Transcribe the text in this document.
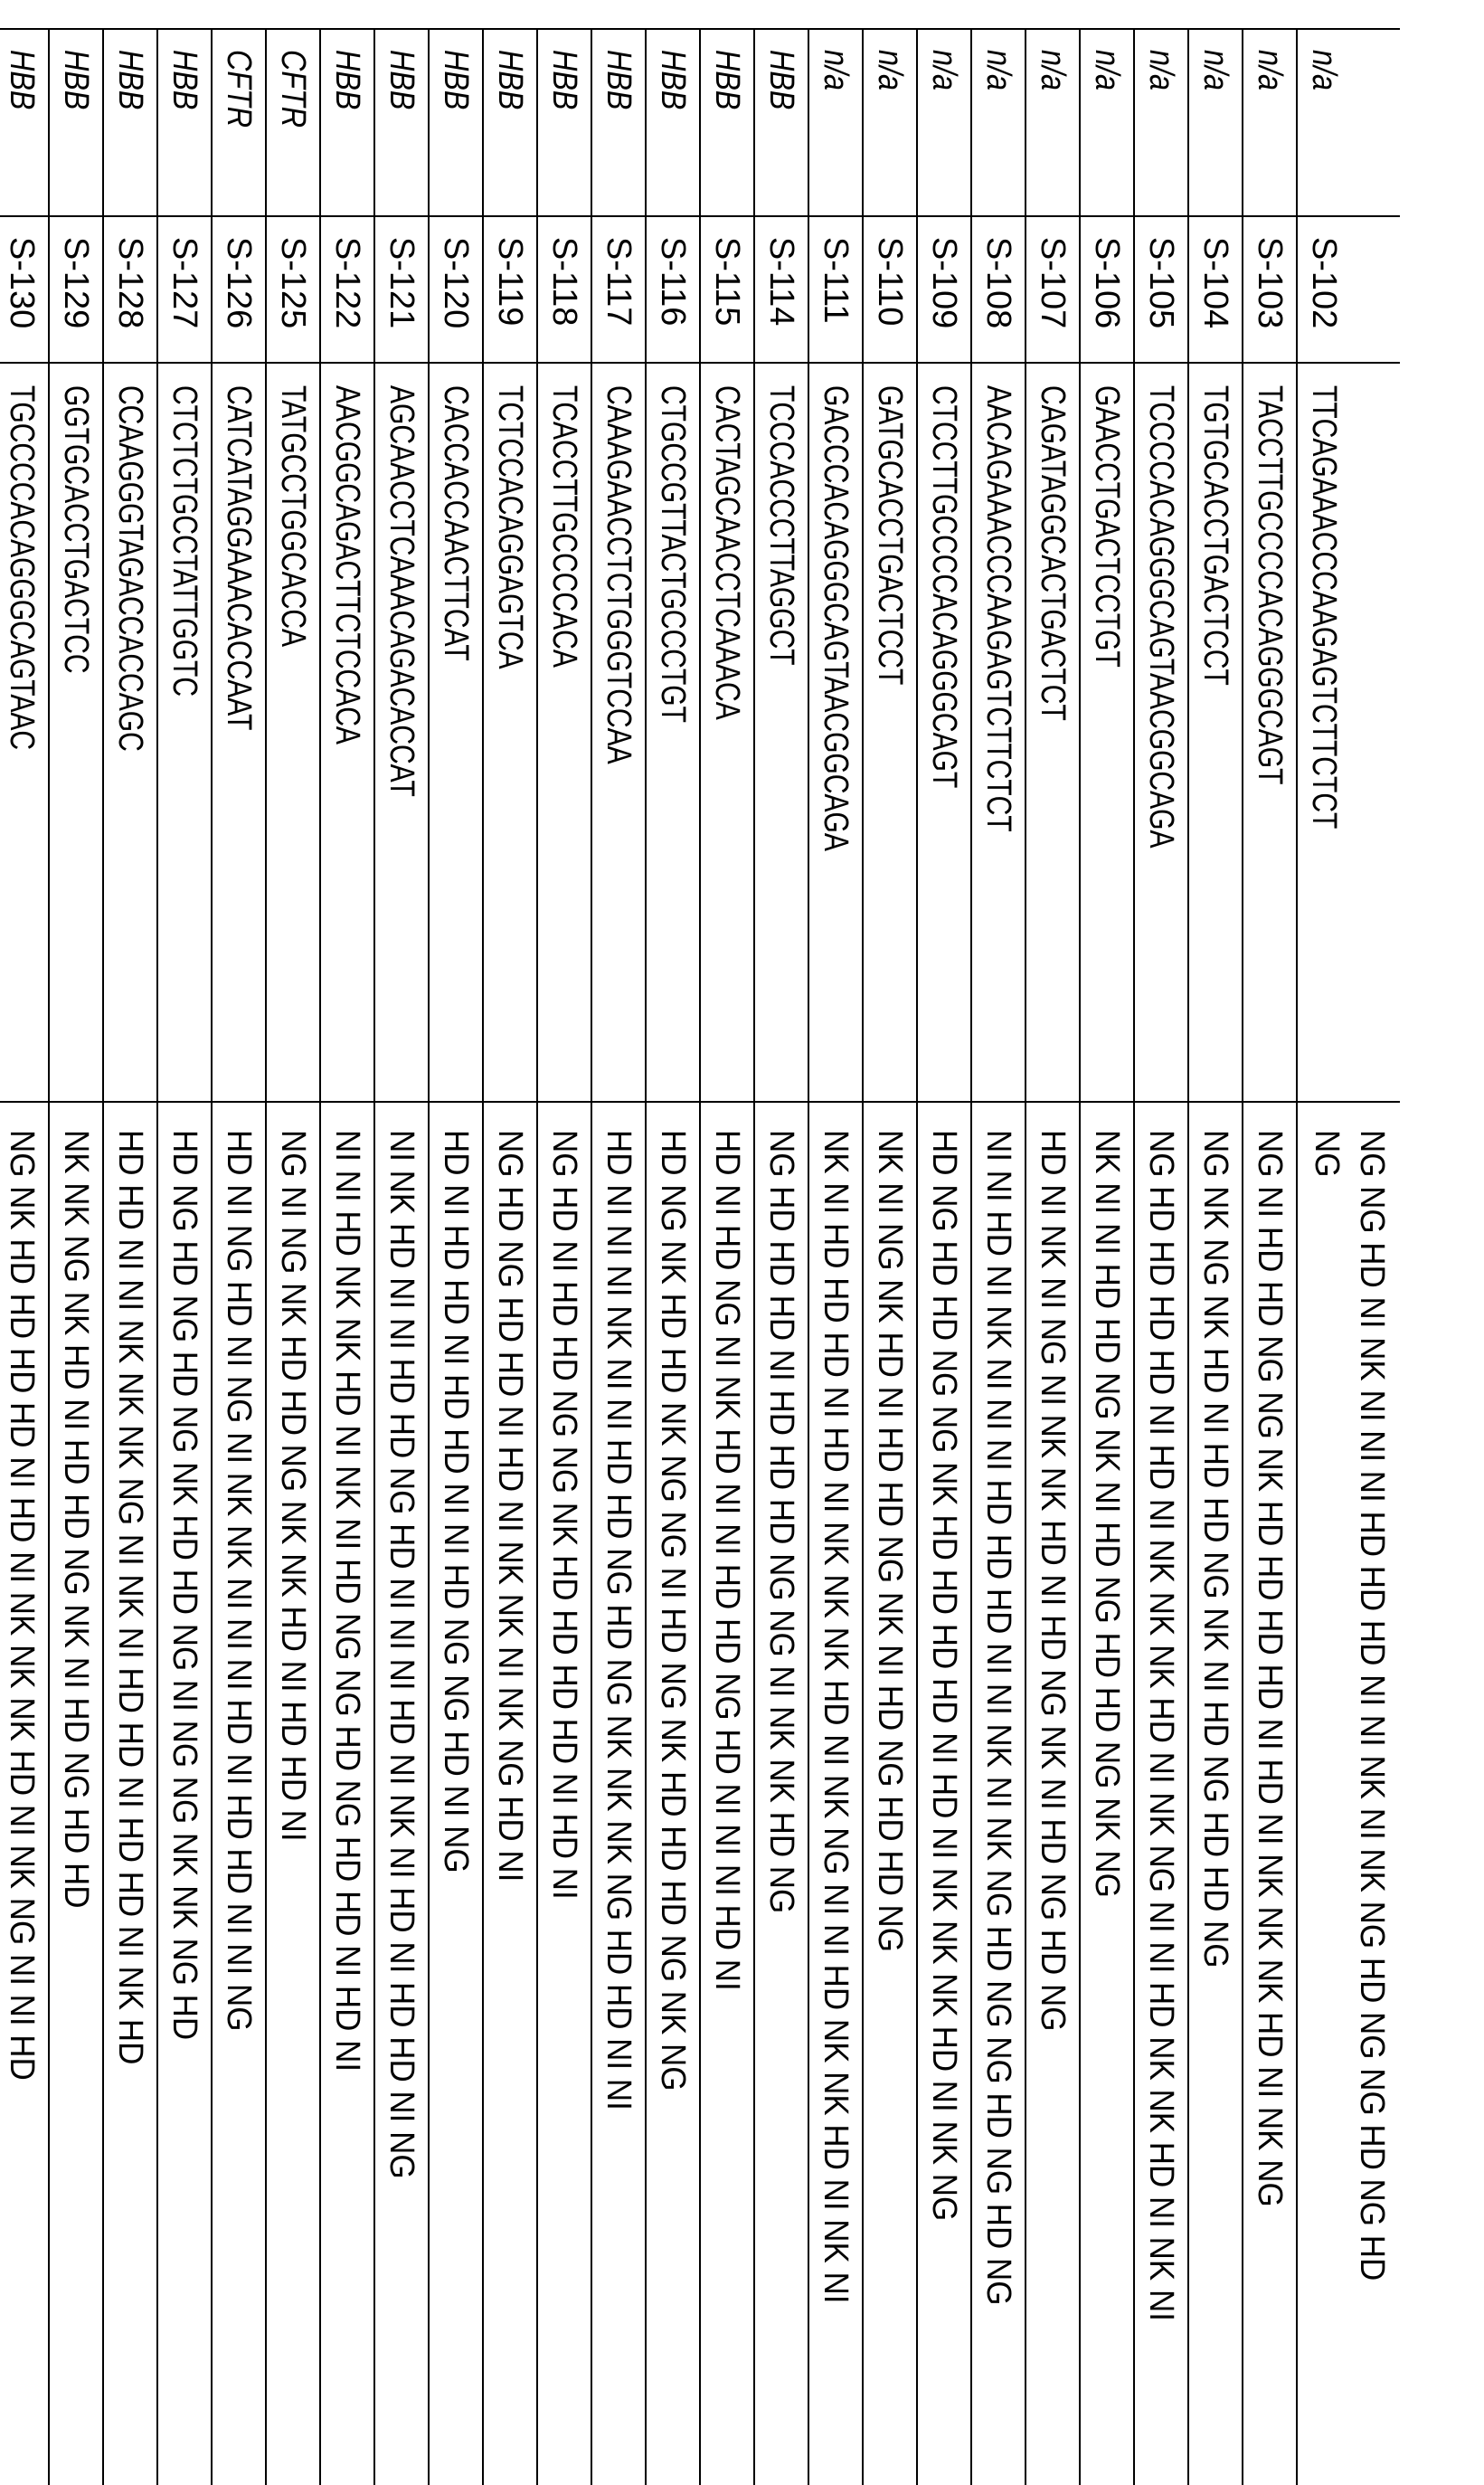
n/a
S-102
TTCAGAAACCCAAGAGTCTTCTCT
NG NG HD NI NK NI NI NI HD HD HD NI NI NK NI NK NG HD NG NG HD NG HD NG
n/a
S-103
TACCTTGCCCCACAGGGCAGT
NG NI HD HD NG NG NK HD HD HD HD NI HD NI NK NK NK HD NI NK NG
n/a
S-104
TGTGCACCTGACTCCT
NG NK NG NK HD NI HD HD NG NK NI HD NG HD HD NG
n/a
S-105
TCCCCACAGGGCAGTAACGGCAGA
NG HD HD HD HD NI HD NI NK NK NK HD NI NK NG NI NI HD NK NK HD NI NK NI
n/a
S-106
GAACCTGACTCCTGT
NK NI NI HD HD NG NK NI HD NG HD HD NG NK NG
n/a
S-107
CAGATAGGCACTGACTCT
HD NI NK NI NG NI NK NK HD NI HD NG NK NI HD NG HD NG
n/a
S-108
AACAGAAACCCAAGAGTCTTCTCT
NI NI HD NI NK NI NI NI HD HD HD NI NI NK NI NK NG HD NG NG HD NG HD NG
n/a
S-109
CTCCTTGCCCCACAGGGCAGT
HD NG HD HD NG NG NK HD HD HD HD NI HD NI NK NK NK HD NI NK NG
n/a
S-110
GATGCACCTGACTCCT
NK NI NG NK HD NI HD HD NG NK NI HD NG HD HD NG
n/a
S-111
GACCCACAGGGCAGTAACGGCAGA
NK NI HD HD HD NI HD NI NK NK NK HD NI NK NG NI NI HD NK NK HD NI NK NI
HBB
S-114
TCCCACCCTTAGGCT
NG HD HD HD NI HD HD HD NG NG NI NK NK HD NG
HBB
S-115
CACTAGCAACCTCAAACA
HD NI HD NG NI NK HD NI NI HD HD NG HD NI NI NI HD NI
HBB
S-116
CTGCCGTTACTGCCCTGT
HD NG NK HD HD NK NG NG NI HD NG NK HD HD HD NG NK NG
HBB
S-117
CAAAGAACCTCTGGGTCCAA
HD NI NI NI NK NI NI HD HD NG HD NG NK NK NK NG HD HD NI NI
HBB
S-118
TCACCTTGCCCCACA
NG HD NI HD HD NG NG NK HD HD HD HD NI HD NI
HBB
S-119
TCTCCACAGGAGTCA
NG HD NG HD HD NI HD NI NK NK NI NK NG HD NI
HBB
S-120
CACCACCAACTTCAT
HD NI HD HD NI HD HD NI NI HD NG NG HD NI NG
HBB
S-121
AGCAACCTCAAACAGACACCAT
NI NK HD NI NI HD HD NG HD NI NI NI HD NI NK NI HD NI HD HD NI NG
HBB
S-122
AACGGCAGACTTCTCCACA
NI NI HD NK NK HD NI NK NI HD NG NG HD NG HD HD NI HD NI
CFTR
S-125
TATGCCTGGCACCA
NG NI NG NK HD HD NG NK NK HD NI HD HD NI
CFTR
S-126
CATCATAGGAAACACCAAT
HD NI NG HD NI NG NI NK NK NI NI NI HD NI HD HD NI NI NG
HBB
S-127
CTCTCTGCCTATTGGTC
HD NG HD NG HD NG NK HD HD NG NI NG NG NK NK NG HD
HBB
S-128
CCAAGGGTAGACCACCAGC
HD HD NI NI NK NK NK NG NI NK NI HD HD NI HD HD NI NK HD
HBB
S-129
GGTGCACCTGACTCC
NK NK NG NK HD NI HD HD NG NK NI HD NG HD HD
HBB
S-130
TGCCCCACAGGGCAGTAAC
NG NK HD HD HD HD NI HD NI NK NK NK HD NI NK NG NI NI HD
